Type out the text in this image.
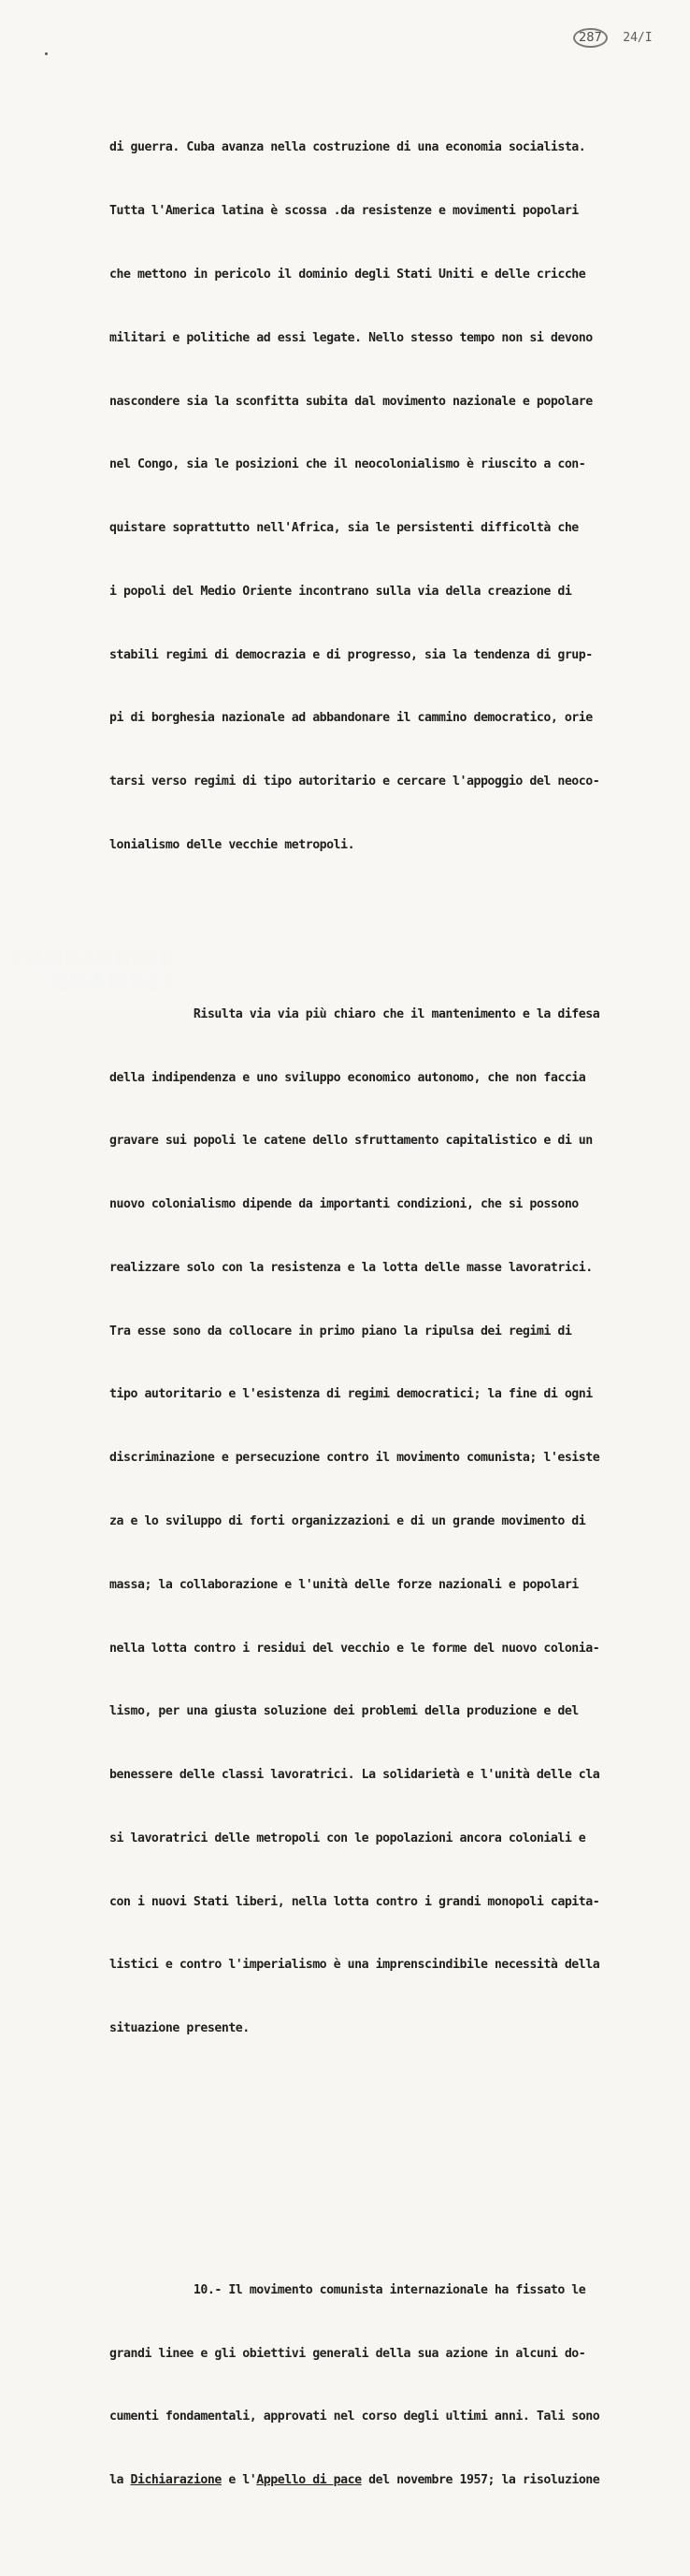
287 24/I

di guerra. Cuba avanza nella costruzione di una economia socialista.

Tutta l'America latina è scossa .da resistenze e movimenti popolari

che mettono in pericolo il dominio degli Stati Uniti e delle cricche

militari e politiche ad essi legate. Nello stesso tempo non si devono

nascondere sia la sconfitta subita dal movimento nazionale e popolare

nel Congo, sia le posizioni che il neocolonialismo è riuscito a con-

quistare soprattutto nell'Africa, sia le persistenti difficoltà che

i popoli del Medio Oriente incontrano sulla via della creazione di

stabili regimi di democrazia e di progresso, sia la tendenza di grup-

pi di borghesia nazionale ad abbandonare il cammino democratico, orie

tarsi verso regimi di tipo autoritario e cercare l'appoggio del neoco-

lonialismo delle vecchie metropoli.

Risulta via via più chiaro che il mantenimento e la difesa

della indipendenza e uno sviluppo economico autonomo, che non faccia

gravare sui popoli le catene dello sfruttamento capitalistico e di un

nuovo colonialismo dipende da importanti condizioni, che si possono

realizzare solo con la resistenza e la lotta delle masse lavoratrici.

Tra esse sono da collocare in primo piano la ripulsa dei regimi di

tipo autoritario e l'esistenza di regimi democratici; la fine di ogni

discriminazione e persecuzione contro il movimento comunista; l'esiste

za e lo sviluppo di forti organizzazioni e di un grande movimento di

massa; la collaborazione e l'unità delle forze nazionali e popolari

nella lotta contro i residui del vecchio e le forme del nuovo colonia-

lismo, per una giusta soluzione dei problemi della produzione e del

benessere delle classi lavoratrici. La solidarietà e l'unità delle cla

si lavoratrici delle metropoli con le popolazioni ancora coloniali e

con i nuovi Stati liberi, nella lotta contro i grandi monopoli capita-

listici e contro l'imperialismo è una imprenscindibile necessità della

situazione presente.

10.- Il movimento comunista internazionale ha fissato le

grandi linee e gli obiettivi generali della sua azione in alcuni do-

cumenti fondamentali, approvati nel corso degli ultimi anni. Tali sono

la Dichiarazione e l'Appello di pace del novembre 1957; la risoluzione

FONDAZIONE
GRAMSCI
